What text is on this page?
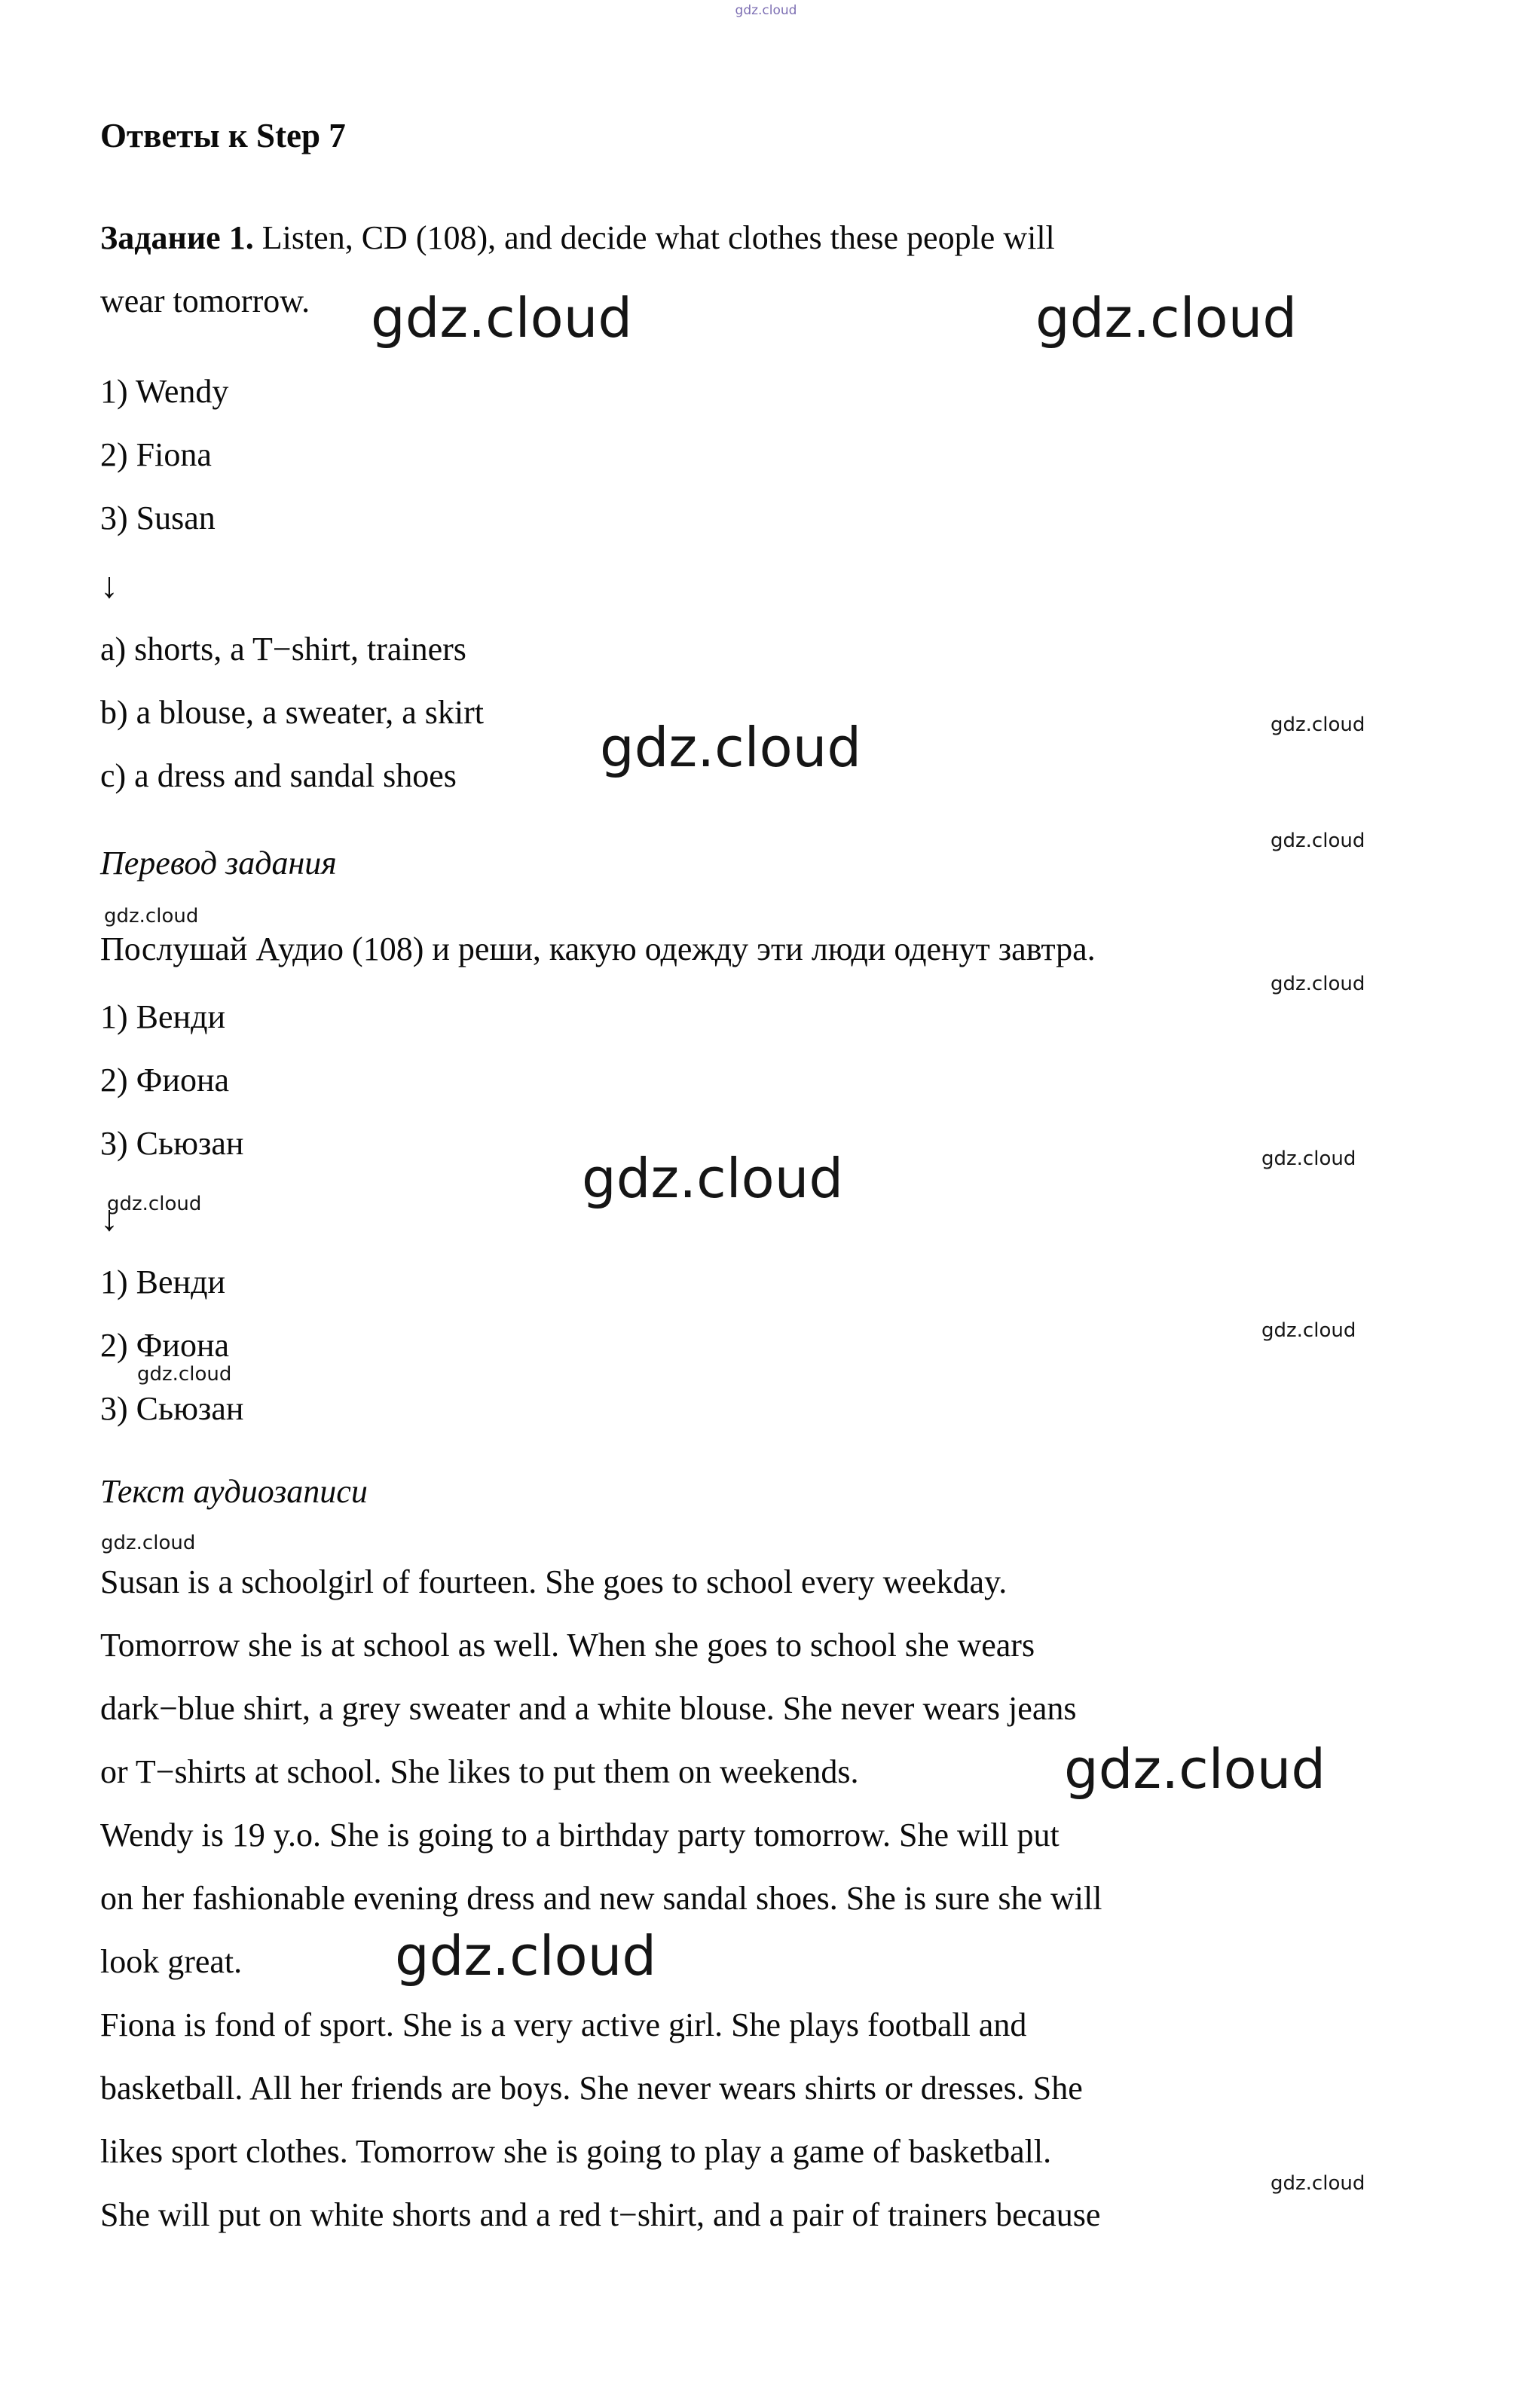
gdz.cloud
Ответы к Step 7

Задание 1. Listen, CD (108), and decide what clothes these people will

wear tomorrow.

1) Wendy
2) Fiona
3) Susan
↓
a) shorts, a T−shirt, trainers
b) a blouse, a sweater, a skirt
c) a dress and sandal shoes
Перевод задания

Послушай Аудио (108) и реши, какую одежду эти люди оденут завтра.

1) Венди
2) Фиона
3) Сьюзан
↓
1) Венди
2) Фиона
3) Сьюзан
Текст аудиозаписи
Susan is a schoolgirl of fourteen. She goes to school every weekday.
Tomorrow she is at school as well. When she goes to school she wears
dark−blue shirt, a grey sweater and a white blouse. She never wears jeans
or T−shirts at school. She likes to put them on weekends.
Wendy is 19 y.o. She is going to a birthday party tomorrow. She will put
on her fashionable evening dress and new sandal shoes. She is sure she will
look great.
Fiona is fond of sport. She is a very active girl. She plays football and
basketball. All her friends are boys. She never wears shirts or dresses. She
likes sport clothes. Tomorrow she is going to play a game of basketball.
She will put on white shorts and a red t−shirt, and a pair of trainers because
gdz.cloud	gdz.cloud
gdz.cloud
gdz.cloud
gdz.cloud
gdz.cloud
gdz.cloud
gdz.cloud
gdz.cloud
gdz.cloud
gdz.cloud
gdz.cloud
gdz.cloud
gdz.cloud
gdz.cloud
gdz.cloud
